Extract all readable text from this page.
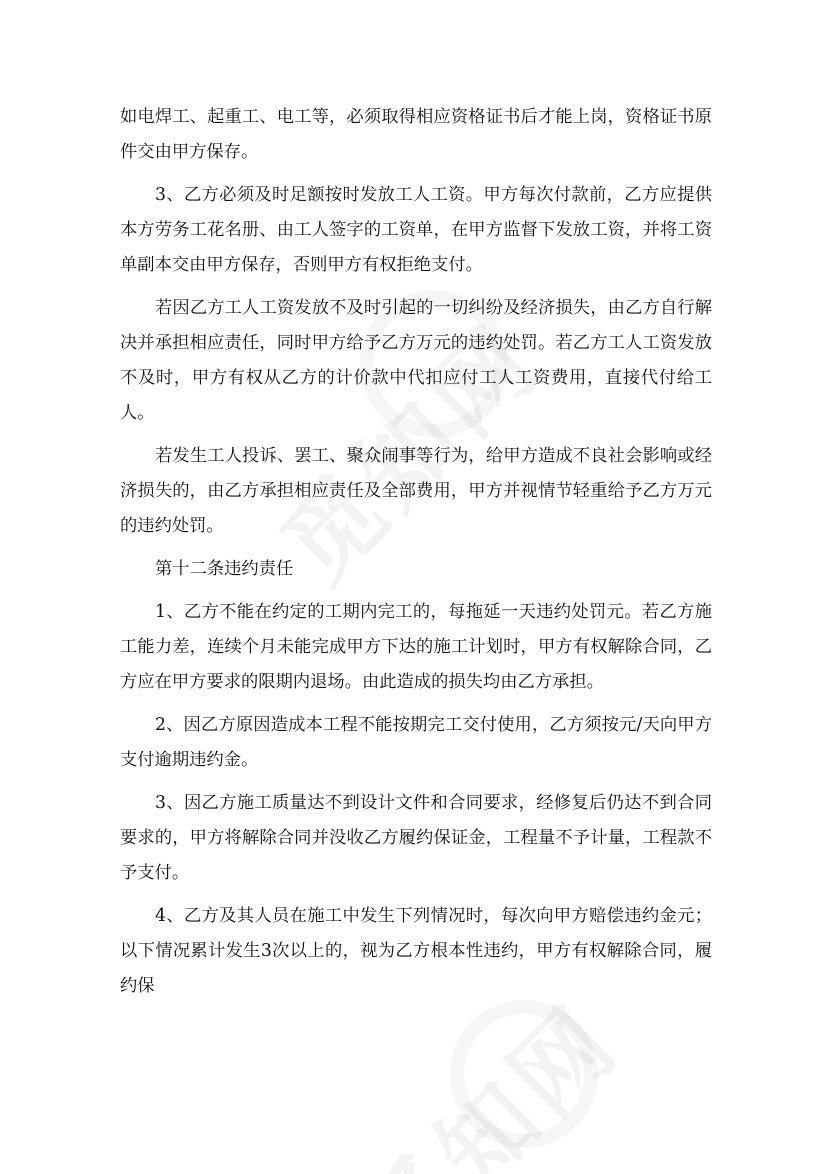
如电焊工、起重工、电工等，必须取得相应资格证书后才能上岗，资格证书原件交由甲方保存。

3、乙方必须及时足额按时发放工人工资。甲方每次付款前，乙方应提供本方劳务工花名册、由工人签字的工资单，在甲方监督下发放工资，并将工资单副本交由甲方保存，否则甲方有权拒绝支付。

若因乙方工人工资发放不及时引起的一切纠纷及经济损失，由乙方自行解决并承担相应责任，同时甲方给予乙方万元的违约处罚。若乙方工人工资发放不及时，甲方有权从乙方的计价款中代扣应付工人工资费用，直接代付给工人。

若发生工人投诉、罢工、聚众闹事等行为，给甲方造成不良社会影响或经济损失的，由乙方承担相应责任及全部费用，甲方并视情节轻重给予乙方万元的违约处罚。

第十二条违约责任

1、乙方不能在约定的工期内完工的，每拖延一天违约处罚元。若乙方施工能力差，连续个月未能完成甲方下达的施工计划时，甲方有权解除合同，乙方应在甲方要求的限期内退场。由此造成的损失均由乙方承担。

2、因乙方原因造成本工程不能按期完工交付使用，乙方须按元/天向甲方支付逾期违约金。

3、因乙方施工质量达不到设计文件和合同要求，经修复后仍达不到合同要求的，甲方将解除合同并没收乙方履约保证金，工程量不予计量，工程款不予支付。

4、乙方及其人员在施工中发生下列情况时，每次向甲方赔偿违约金元；以下情况累计发生3次以上的，视为乙方根本性违约，甲方有权解除合同，履约保
